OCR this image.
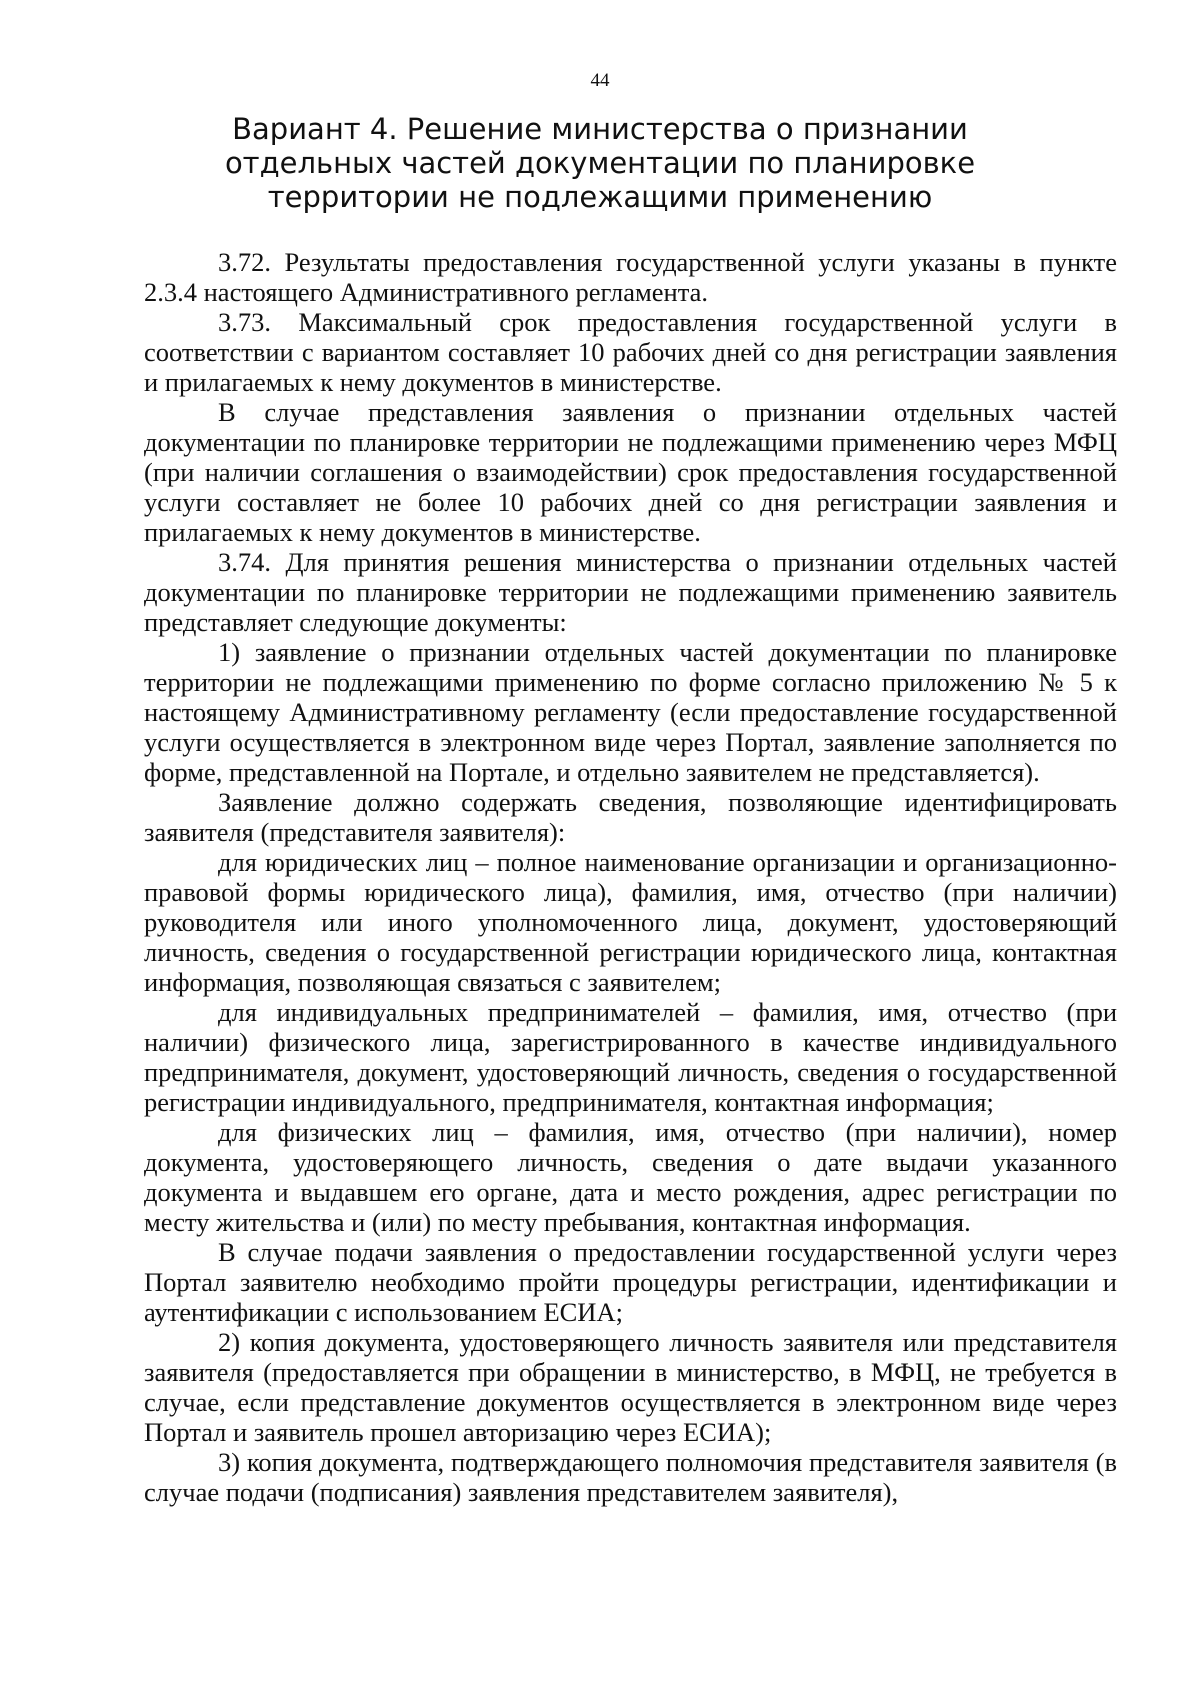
44
Вариант 4. Решение министерства о признании отдельных частей документации по планировке территории не подлежащими применению

3.72. Результаты предоставления государственной услуги указаны в пункте 2.3.4 настоящего Административного регламента.

3.73. Максимальный срок предоставления государственной услуги в соответствии с вариантом составляет 10 рабочих дней со дня регистрации заявления и прилагаемых к нему документов в министерстве.

В случае представления заявления о признании отдельных частей документации по планировке территории не подлежащими применению через МФЦ (при наличии соглашения о взаимодействии) срок предоставления государственной услуги составляет не более 10 рабочих дней со дня регистрации заявления и прилагаемых к нему документов в министерстве.

3.74. Для принятия решения министерства о признании отдельных частей документации по планировке территории не подлежащими применению заявитель представляет следующие документы:

1) заявление о признании отдельных частей документации по планировке территории не подлежащими применению по форме согласно приложению № 5 к настоящему Административному регламенту (если предоставление государственной услуги осуществляется в электронном виде через Портал, заявление заполняется по форме, представленной на Портале, и отдельно заявителем не представляется).

Заявление должно содержать сведения, позволяющие идентифицировать заявителя (представителя заявителя):

для юридических лиц – полное наименование организации и организационно-правовой формы юридического лица), фамилия, имя, отчество (при наличии) руководителя или иного уполномоченного лица, документ, удостоверяющий личность, сведения о государственной регистрации юридического лица, контактная информация, позволяющая связаться с заявителем;

для индивидуальных предпринимателей – фамилия, имя, отчество (при наличии) физического лица, зарегистрированного в качестве индивидуального предпринимателя, документ, удостоверяющий личность, сведения о государственной регистрации индивидуального, предпринимателя, контактная информация;

для физических лиц – фамилия, имя, отчество (при наличии), номер документа, удостоверяющего личность, сведения о дате выдачи указанного документа и выдавшем его органе, дата и место рождения, адрес регистрации по месту жительства и (или) по месту пребывания, контактная информация.

В случае подачи заявления о предоставлении государственной услуги через Портал заявителю необходимо пройти процедуры регистрации, идентификации и аутентификации с использованием ЕСИА;

2) копия документа, удостоверяющего личность заявителя или представителя заявителя (предоставляется при обращении в министерство, в МФЦ, не требуется в случае, если представление документов осуществляется в электронном виде через Портал и заявитель прошел авторизацию через ЕСИА);

3) копия документа, подтверждающего полномочия представителя заявителя (в случае подачи (подписания) заявления представителем заявителя),
